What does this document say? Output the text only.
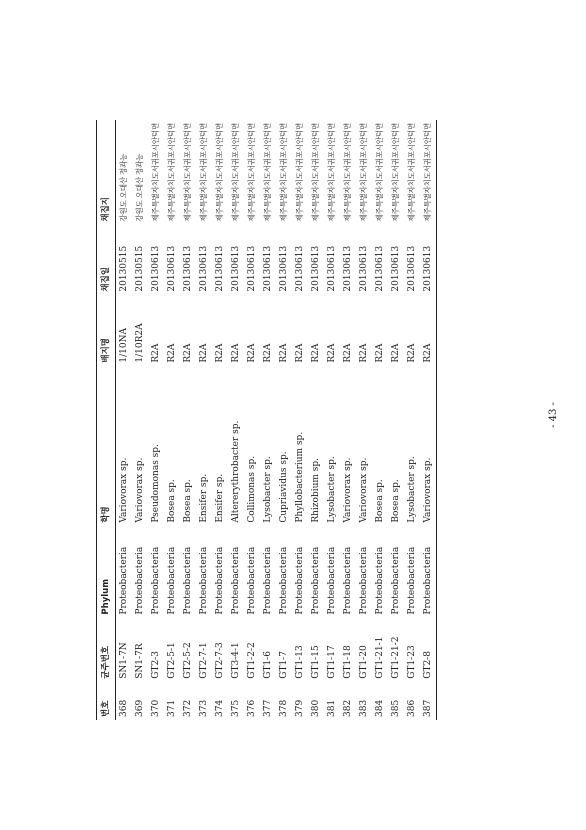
번호	균주번호	Phylum	학명	배지명	채집일	채집지
368	SN1-7N	Proteobacteria	Variovorax sp.	1/10NA	20130515	강원도 오대산 정좌능
369	SN1-7R	Proteobacteria	Variovorax sp.	1/10R2A	20130515	강원도 오대산 정좌능
370	GT2-3	Proteobacteria	Pseudomonas sp.	R2A	20130613	제주특별자치도서귀포시안덕면
371	GT2-5-1	Proteobacteria	Bosea sp.	R2A	20130613	제주특별자치도서귀포시안덕면
372	GT2-5-2	Proteobacteria	Bosea sp.	R2A	20130613	제주특별자치도서귀포시안덕면
373	GT2-7-1	Proteobacteria	Ensifer sp.	R2A	20130613	제주특별자치도서귀포시안덕면
374	GT2-7-3	Proteobacteria	Ensifer sp.	R2A	20130613	제주특별자치도서귀포시안덕면
375	GT3-4-1	Proteobacteria	Altererythrobacter sp.	R2A	20130613	제주특별자치도서귀포시안덕면
376	GT1-2-2	Proteobacteria	Collimonas sp.	R2A	20130613	제주특별자치도서귀포시안덕면
377	GT1-6	Proteobacteria	Lysobacter sp.	R2A	20130613	제주특별자치도서귀포시안덕면
378	GT1-7	Proteobacteria	Cupriavidus sp.	R2A	20130613	제주특별자치도서귀포시안덕면
379	GT1-13	Proteobacteria	Phyllobacterium sp.	R2A	20130613	제주특별자치도서귀포시안덕면
380	GT1-15	Proteobacteria	Rhizobium sp.	R2A	20130613	제주특별자치도서귀포시안덕면
381	GT1-17	Proteobacteria	Lysobacter sp.	R2A	20130613	제주특별자치도서귀포시안덕면
382	GT1-18	Proteobacteria	Variovorax sp.	R2A	20130613	제주특별자치도서귀포시안덕면
383	GT1-20	Proteobacteria	Variovorax sp.	R2A	20130613	제주특별자치도서귀포시안덕면
384	GT1-21-1	Proteobacteria	Bosea sp.	R2A	20130613	제주특별자치도서귀포시안덕면
385	GT1-21-2	Proteobacteria	Bosea sp.	R2A	20130613	제주특별자치도서귀포시안덕면
386	GT1-23	Proteobacteria	Lysobacter sp.	R2A	20130613	제주특별자치도서귀포시안덕면
387	GT2-8	Proteobacteria	Variovorax sp.	R2A	20130613	제주특별자치도서귀포시안덕면
- 43 -
